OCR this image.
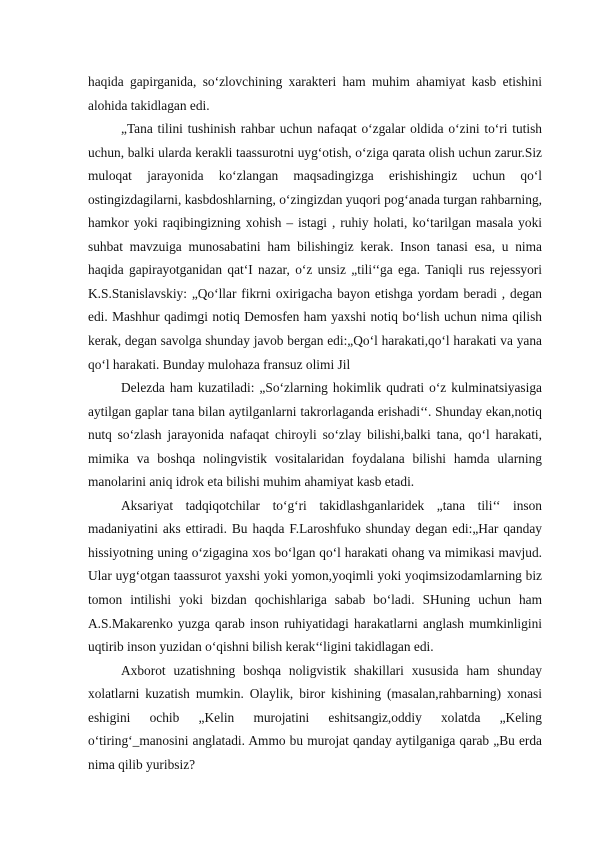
haqida gapirganida, so‘zlovchining xarakteri ham muhim ahamiyat kasb etishini alohida takidlagan edi.

„Tana tilini tushinish rahbar uchun nafaqat o‘zgalar oldida o‘zini to‘ri tutish uchun, balki ularda kerakli taassurotni uyg‘otish, o‘ziga qarata olish uchun zarur.Siz muloqat jarayonida ko‘zlangan maqsadingizga erishishingiz uchun qo‘l ostingizdagilarni, kasbdoshlarning, o‘zingizdan yuqori pog‘anada turgan rahbarning, hamkor yoki raqibingizning xohish – istagi , ruhiy holati, ko‘tarilgan masala yoki suhbat mavzuiga munosabatini ham bilishingiz kerak. Inson tanasi esa, u nima haqida gapirayotganidan qat‘I nazar, o‘z unsiz „tili‘‘ga ega. Taniqli rus rejessyori K.S.Stanislavskiy: „Qo‘llar fikrni oxirigacha bayon etishga yordam beradi , degan edi. Mashhur qadimgi notiq Demosfen ham yaxshi notiq bo‘lish uchun nima qilish kerak, degan savolga shunday javob bergan edi:„Qo‘l harakati,qo‘l harakati va yana qo‘l harakati. Bunday mulohaza fransuz olimi Jil

Delezda ham kuzatiladi: „So‘zlarning hokimlik qudrati o‘z kulminatsiyasiga aytilgan gaplar tana bilan aytilganlarni takrorlaganda erishadi‘‘. Shunday ekan,notiq nutq so‘zlash jarayonida nafaqat chiroyli so‘zlay bilishi,balki tana, qo‘l harakati, mimika va boshqa nolingvistik vositalaridan foydalana bilishi hamda ularning manolarini aniq idrok eta bilishi muhim ahamiyat kasb etadi.

Aksariyat tadqiqotchilar to‘g‘ri takidlashganlaridek „tana tili‘‘ inson madaniyatini aks ettiradi. Bu haqda F.Laroshfuko shunday degan edi:„Har qanday hissiyotning uning o‘zigagina xos bo‘lgan qo‘l harakati ohang va mimikasi mavjud. Ular uyg‘otgan taassurot yaxshi yoki yomon,yoqimli yoki yoqimsizodamlarning biz tomon intilishi yoki bizdan qochishlariga sabab bo‘ladi. SHuning uchun ham A.S.Makarenko yuzga qarab inson ruhiyatidagi harakatlarni anglash mumkinligini uqtirib inson yuzidan o‘qishni bilish kerak‘‘ligini takidlagan edi.

Axborot uzatishning boshqa noligvistik shakillari xususida ham shunday xolatlarni kuzatish mumkin. Olaylik, biror kishining (masalan,rahbarning) xonasi eshigini ochib „Kelin murojatini eshitsangiz,oddiy xolatda „Keling o‘tiring‘_manosini anglatadi. Ammo bu murojat qanday aytilganiga qarab „Bu erda nima qilib yuribsiz?
